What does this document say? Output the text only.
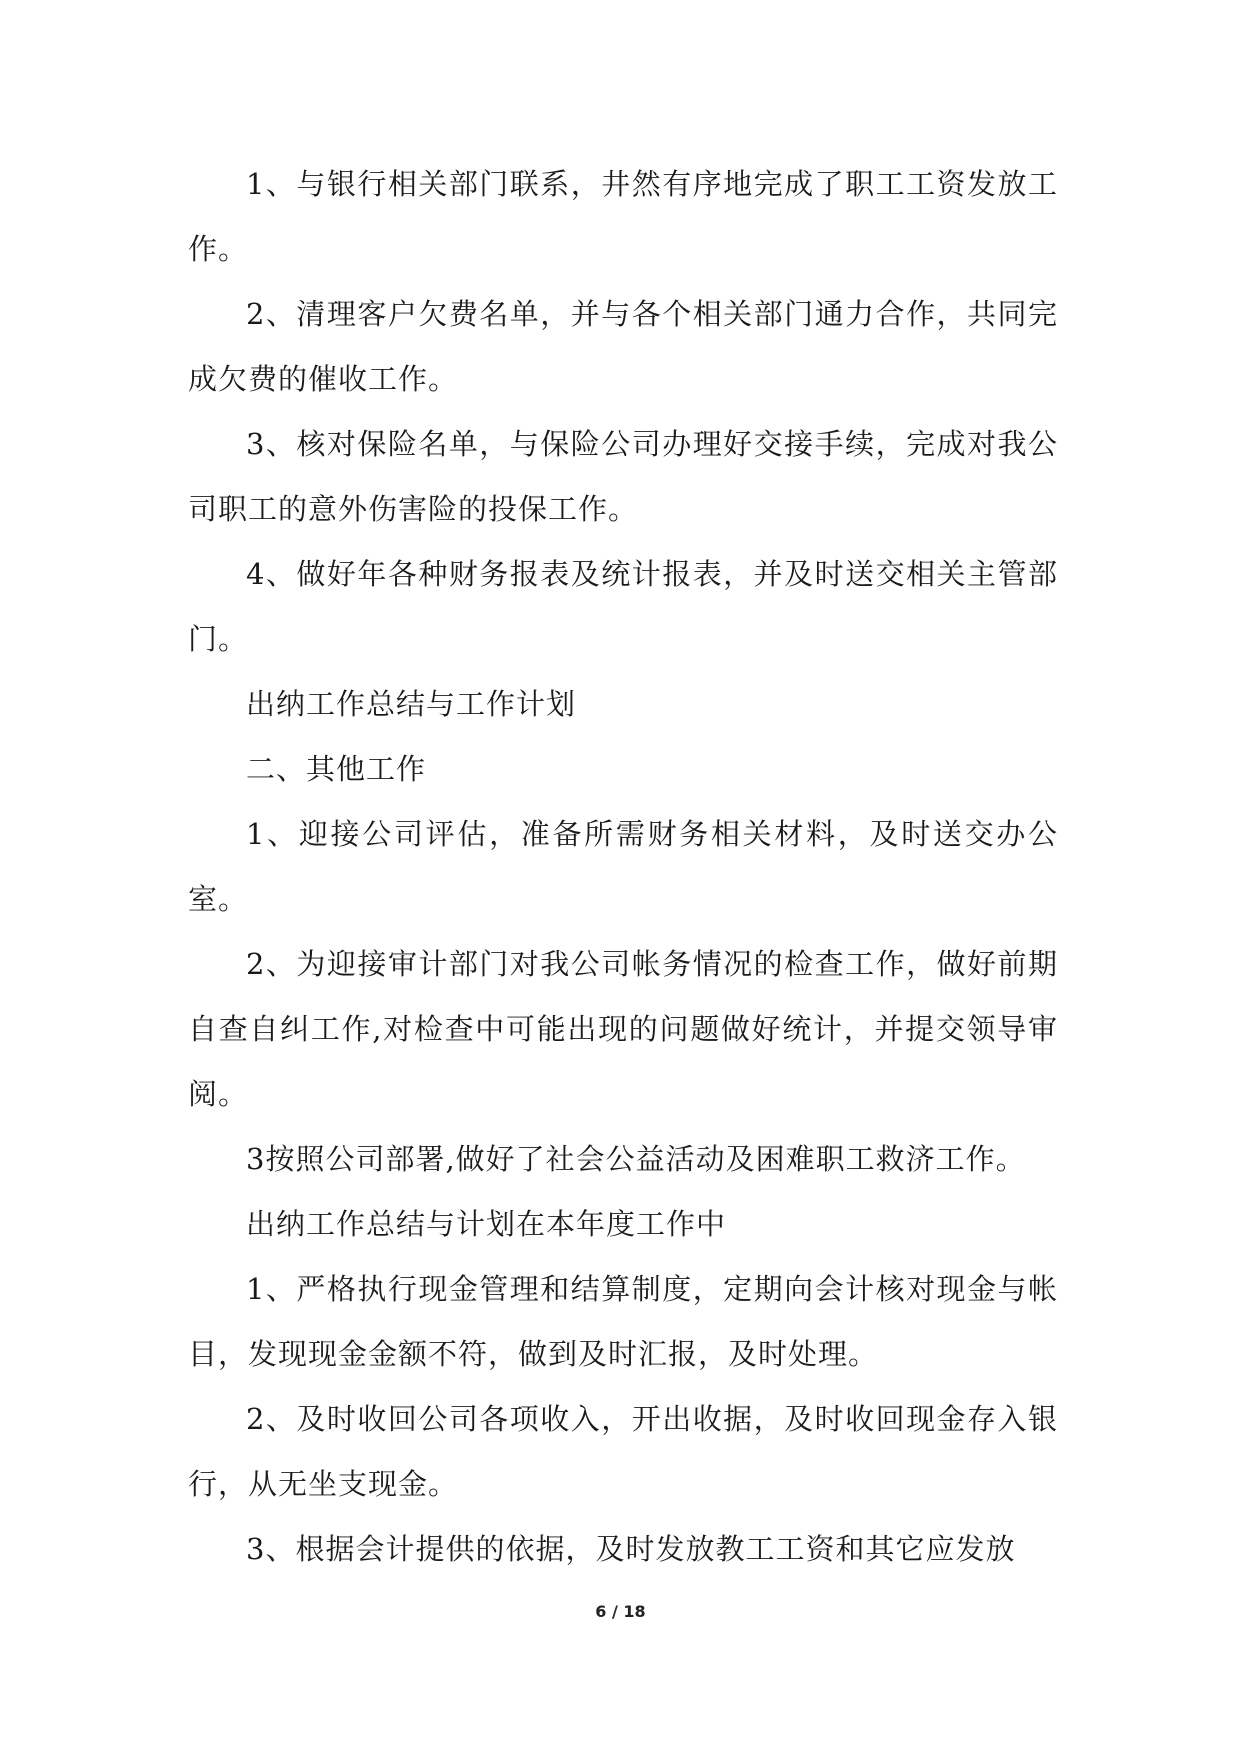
1、与银行相关部门联系，井然有序地完成了职工工资发放工作。

2、清理客户欠费名单，并与各个相关部门通力合作，共同完成欠费的催收工作。

3、核对保险名单，与保险公司办理好交接手续，完成对我公司职工的意外伤害险的投保工作。

4、做好年各种财务报表及统计报表，并及时送交相关主管部门。

出纳工作总结与工作计划

二、其他工作

1、迎接公司评估，准备所需财务相关材料，及时送交办公室。

2、为迎接审计部门对我公司帐务情况的检查工作，做好前期自查自纠工作,对检查中可能出现的问题做好统计，并提交领导审阅。

3按照公司部署,做好了社会公益活动及困难职工救济工作。

出纳工作总结与计划在本年度工作中

1、严格执行现金管理和结算制度，定期向会计核对现金与帐目，发现现金金额不符，做到及时汇报，及时处理。

2、及时收回公司各项收入，开出收据，及时收回现金存入银行，从无坐支现金。

3、根据会计提供的依据，及时发放教工工资和其它应发放

6 / 18
